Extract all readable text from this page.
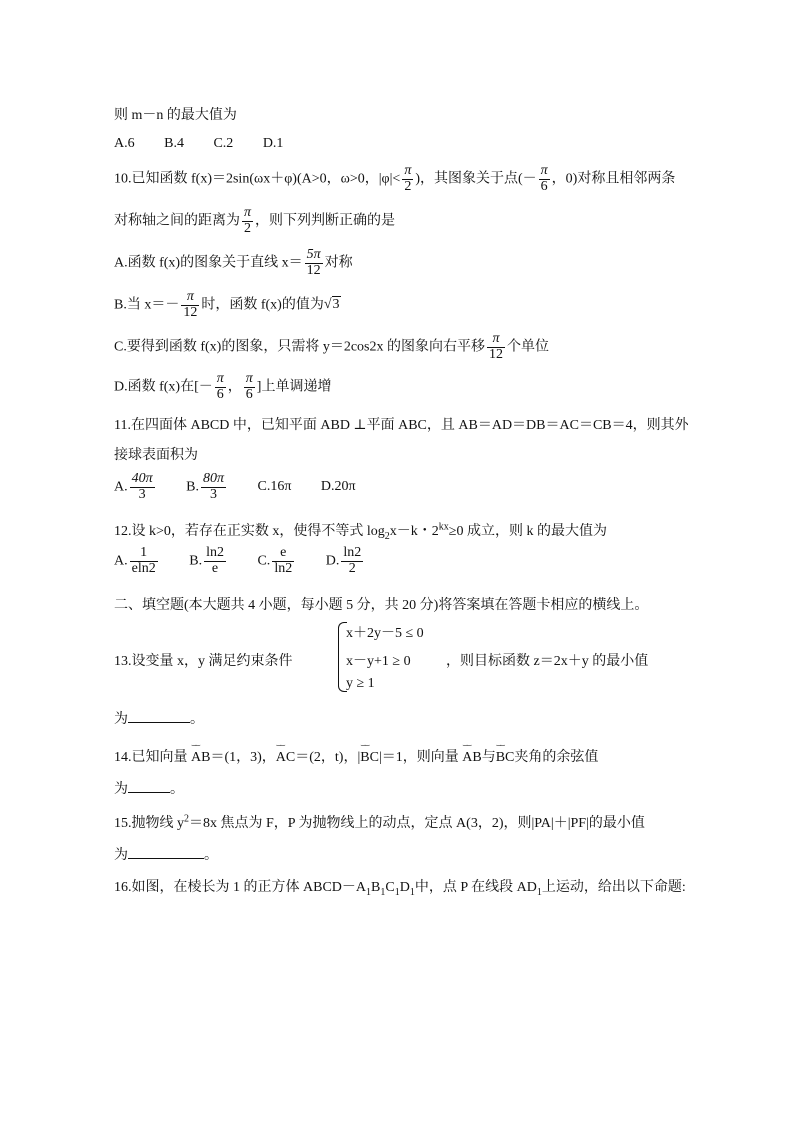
则 m－n 的最大值为
A.6 B.4 C.2 D.1
10.已知函数 f(x)＝2sin(ωx＋φ)(A>0，ω>0，$|\varphi|< \frac{\pi}{2}$ )，其图象关于点(－ $\frac{\pi}{6}$ ，0)对称且相邻两条
对称轴之间的距离为 $\frac{\pi}{2}$ ，则下列判断正确的是
A.函数 f(x)的图象关于直线 $x= \frac{5\pi}{12}$ 对称
B.当 $x=- \frac{\pi}{12}$ 时，函数 f(x)的值为√3
C.要得到函数 f(x)的图象，只需将 y＝2cos2x 的图象向右平移 $\frac{\pi}{12}$ 个单位
D.函数 f(x)在[－ $\frac{\pi}{6}$ ， $\frac{\pi}{6}$ ]上单调递增
11.在四面体 ABCD 中，已知平面 ABD ⊥平面 ABC，且 AB＝AD＝DB＝AC＝CB＝4，则其外
接球表面积为
A. $\frac{40\pi}{3} B$. $\frac{80\pi}{3} C.16\pi$ D.20π
12.设 k>0，若存在正实数 x，使得不等式 $\log_2x-k$・$2^{kx}\ge 0$ 成立，则 k 的最大值为
A. $\frac{1}{eln2} B$. $\frac{\ln 2}{e} C$. $\frac{e}{\ln 2} D$. $\frac{\ln 2}{2}$
二、填空题(本大题共 4 小题，每小题 5 分，共 20 分)将答案填在答题卡相应的横线上。
13.设变量 x，y 满足约束条件
x＋2y－5 ≤ 0
x－y+1 ≥ 0
y ≥ 1
，则目标函数 z＝2x＋y 的最小值
为	。
14.已知向量 ⌣⌣ AB＝(1，3)，⌣⌣ AC＝(2，t)，|⌣⌣ BC|＝1，则向量 ⌣⌣ AB与⌣⌣ BC夹角的余弦值
为	。
15.抛物线 $y^2=8x$ 焦点为 F，P 为抛物线上的动点，定点 A(3，2)，则|PA|＋|PF|的最小值
为	。
16.如图，在棱长为 1 的正方体 $ABCD-A_1B_1C_1D_1$中，点 P 在线段 $AD_1$上运动，给出以下命题:
